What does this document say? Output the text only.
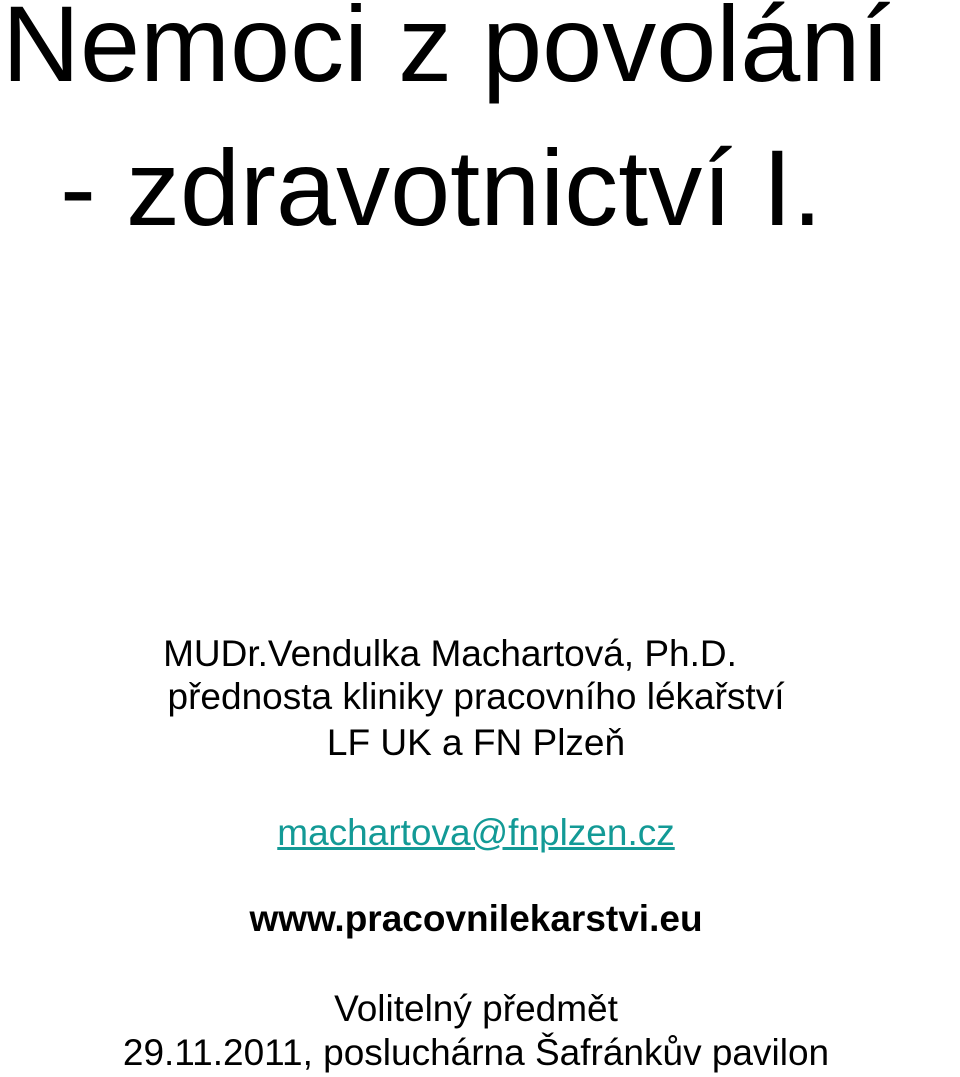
Nemoci z povolání
- zdravotnictví I.

MUDr.Vendulka Machartová, Ph.D.

přednosta kliniky pracovního lékařství

LF UK a FN Plzeň

machartova@fnplzen.cz

www.pracovnilekarstvi.eu

Volitelný předmět

29.11.2011, posluchárna Šafránkův pavilon
